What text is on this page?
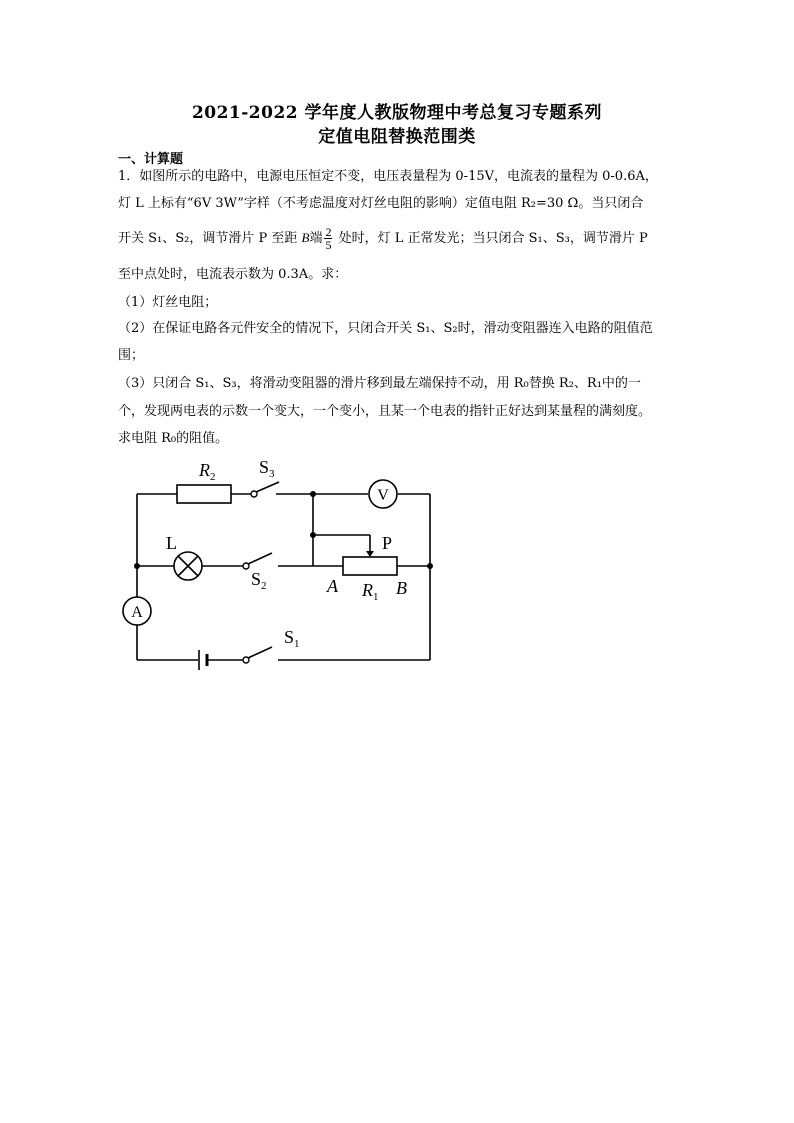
2021-2022 学年度人教版物理中考总复习专题系列
定值电阻替换范围类
一、计算题
1．如图所示的电路中，电源电压恒定不变，电压表量程为 0-15V，电流表的量程为 0-0.6A，
灯 L 上标有“6V 3W”字样（不考虑温度对灯丝电阻的影响）定值电阻 R₂=30 Ω。当只闭合
开关 S₁、S₂，调节滑片 P 至距 B端 $\frac{2}{5}$ 处时，灯 L 正常发光；当只闭合 S₁、S₃，调节滑片 P
至中点处时，电流表示数为 0.3A。求：
（1）灯丝电阻；
（2）在保证电路各元件安全的情况下，只闭合开关 S₁、S₂时，滑动变阻器连入电路的阻值范
围；
（3）只闭合 S₁、S₃，将滑动变阻器的滑片移到最左端保持不动，用 R₀替换 R₂、R₁中的一
个，发现两电表的示数一个变大，一个变小，且某一个电表的指针正好达到某量程的满刻度。
求电阻 R₀的阻值。
$R_2$ $S_3$
V
L	P
$S_2$	A $R_1$ B
A
$S_1$
